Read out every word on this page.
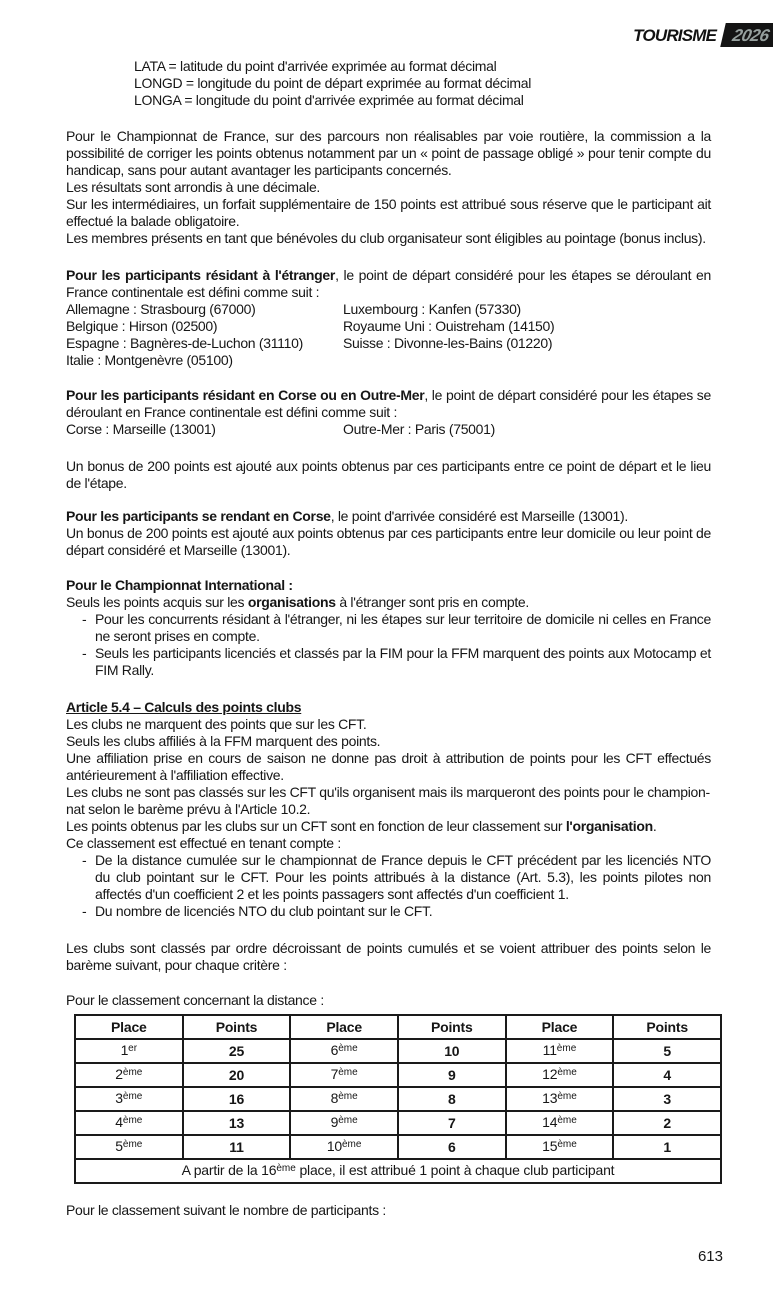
TOURISME 2026
LATA = latitude du point d'arrivée exprimée au format décimal
LONGD = longitude du point de départ exprimée au format décimal
LONGA = longitude du point d'arrivée exprimée au format décimal
Pour le Championnat de France, sur des parcours non réalisables par voie routière, la commission a la possibilité de corriger les points obtenus notamment par un « point de passage obligé » pour tenir compte du handicap, sans pour autant avantager les participants concernés.
Les résultats sont arrondis à une décimale.
Sur les intermédiaires, un forfait supplémentaire de 150 points est attribué sous réserve que le participant ait effectué la balade obligatoire.
Les membres présents en tant que bénévoles du club organisateur sont éligibles au pointage (bonus inclus).
Pour les participants résidant à l'étranger, le point de départ considéré pour les étapes se déroulant en France continentale est défini comme suit :
Allemagne : Strasbourg (67000)	Luxembourg : Kanfen (57330)
Belgique : Hirson (02500)	Royaume Uni : Ouistreham (14150)
Espagne : Bagnères-de-Luchon (31110)	Suisse : Divonne-les-Bains (01220)
Italie : Montgenèvre (05100)
Pour les participants résidant en Corse ou en Outre-Mer, le point de départ considéré pour les étapes se déroulant en France continentale est défini comme suit :
Corse : Marseille (13001)	Outre-Mer : Paris (75001)
Un bonus de 200 points est ajouté aux points obtenus par ces participants entre ce point de départ et le lieu de l'étape.
Pour les participants se rendant en Corse, le point d'arrivée considéré est Marseille (13001).
Un bonus de 200 points est ajouté aux points obtenus par ces participants entre leur domicile ou leur point de départ considéré et Marseille (13001).
Pour le Championnat International :
Seuls les points acquis sur les organisations à l'étranger sont pris en compte.
- Pour les concurrents résidant à l'étranger, ni les étapes sur leur territoire de domicile ni celles en France ne seront prises en compte.
- Seuls les participants licenciés et classés par la FIM pour la FFM marquent des points aux Motocamp et FIM Rally.
Article 5.4 – Calculs des points clubs
Les clubs ne marquent des points que sur les CFT.
Seuls les clubs affiliés à la FFM marquent des points.
Une affiliation prise en cours de saison ne donne pas droit à attribution de points pour les CFT effectués antérieurement à l'affiliation effective.
Les clubs ne sont pas classés sur les CFT qu'ils organisent mais ils marqueront des points pour le champion-
nat selon le barème prévu à l'Article 10.2.
Les points obtenus par les clubs sur un CFT sont en fonction de leur classement sur l'organisation.
Ce classement est effectué en tenant compte :
- De la distance cumulée sur le championnat de France depuis le CFT précédent par les licenciés NTO du club pointant sur le CFT. Pour les points attribués à la distance (Art. 5.3), les points pilotes non affectés d'un coefficient 2 et les points passagers sont affectés d'un coefficient 1.
- Du nombre de licenciés NTO du club pointant sur le CFT.
Les clubs sont classés par ordre décroissant de points cumulés et se voient attribuer des points selon le barème suivant, pour chaque critère :
Pour le classement concernant la distance :
Place	Points	Place	Points	Place	Points
1er	25	6ème	10	11ème	5
2ème	20	7ème	9	12ème	4
3ème	16	8ème	8	13ème	3
4ème	13	9ème	7	14ème	2
5ème	11	10ème	6	15ème	1
A partir de la 16ème place, il est attribué 1 point à chaque club participant					
Pour le classement suivant le nombre de participants :
613
